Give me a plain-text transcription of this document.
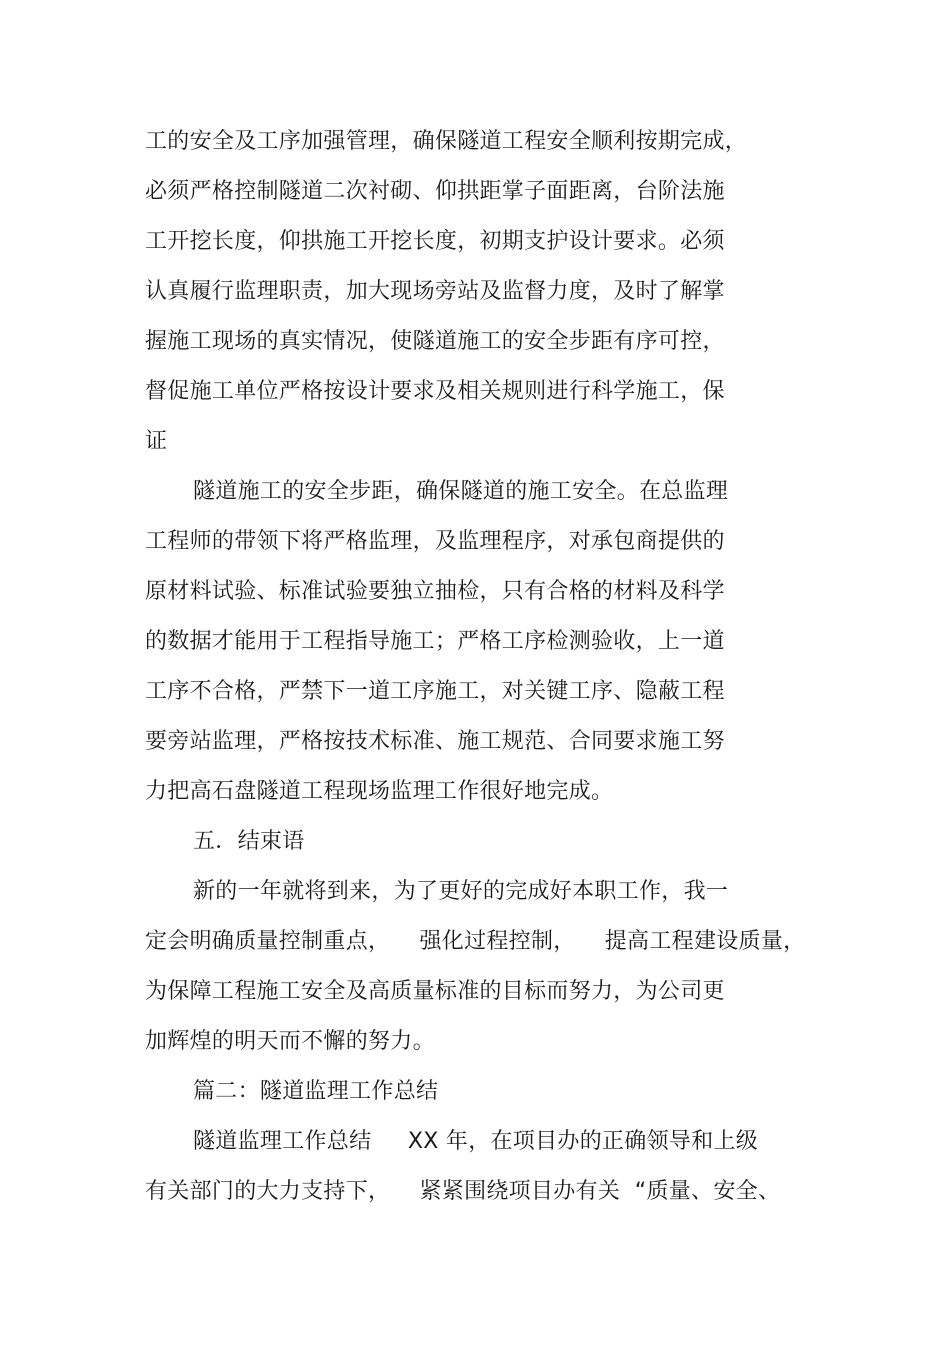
工的安全及工序加强管理，确保隧道工程安全顺利按期完成，
必须严格控制隧道二次衬砌、仰拱距掌子面距离，台阶法施
工开挖长度，仰拱施工开挖长度，初期支护设计要求。必须
认真履行监理职责，加大现场旁站及监督力度，及时了解掌
握施工现场的真实情况，使隧道施工的安全步距有序可控，
督促施工单位严格按设计要求及相关规则进行科学施工，保
证
隧道施工的安全步距，确保隧道的施工安全。在总监理
工程师的带领下将严格监理，及监理程序，对承包商提供的
原材料试验、标准试验要独立抽检，只有合格的材料及科学
的数据才能用于工程指导施工；严格工序检测验收，上一道
工序不合格，严禁下一道工序施工，对关键工序、隐蔽工程
要旁站监理，严格按技术标准、施工规范、合同要求施工努
力把高石盘隧道工程现场监理工作很好地完成。
五．结束语
新的一年就将到来，为了更好的完成好本职工作，我一
定会明确质量控制重点，    强化过程控制，    提高工程建设质量，
为保障工程施工安全及高质量标准的目标而努力，为公司更
加辉煌的明天而不懈的努力。
篇二：隧道监理工作总结
隧道监理工作总结     XX 年，在项目办的正确领导和上级
有关部门的大力支持下，    紧紧围绕项目办有关  “质量、安全、
